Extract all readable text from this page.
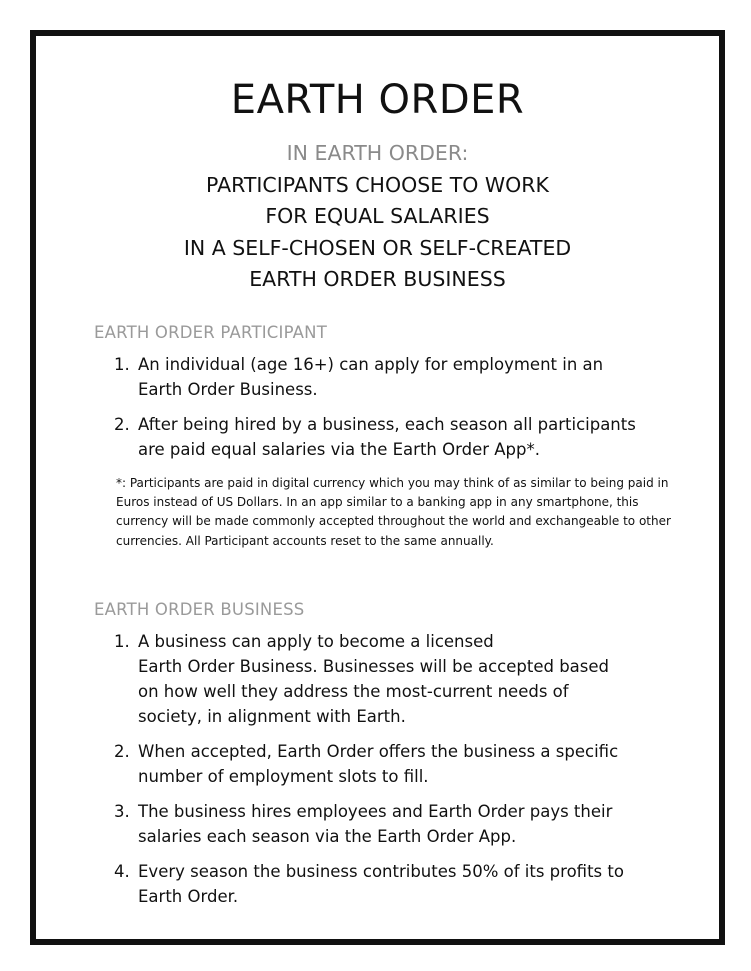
EARTH ORDER
IN EARTH ORDER:
PARTICIPANTS CHOOSE TO WORK
FOR EQUAL SALARIES
IN A SELF-CHOSEN OR SELF-CREATED
EARTH ORDER BUSINESS
EARTH ORDER PARTICIPANT
1. An individual (age 16+) can apply for employment in an
Earth Order Business.
2. After being hired by a business, each season all participants
are paid equal salaries via the Earth Order App*.

*: Participants are paid in digital currency which you may think of as similar to being paid in Euros instead of US Dollars. In an app similar to a banking app in any smartphone, this currency will be made commonly accepted throughout the world and exchangeable to other currencies. All Participant accounts reset to the same annually.

EARTH ORDER BUSINESS
1. A business can apply to become a licensed
Earth Order Business. Businesses will be accepted based
on how well they address the most-current needs of
society, in alignment with Earth.
2. When accepted, Earth Order offers the business a specific
number of employment slots to fill.
3. The business hires employees and Earth Order pays their
salaries each season via the Earth Order App.
4. Every season the business contributes 50% of its profits to
Earth Order.
